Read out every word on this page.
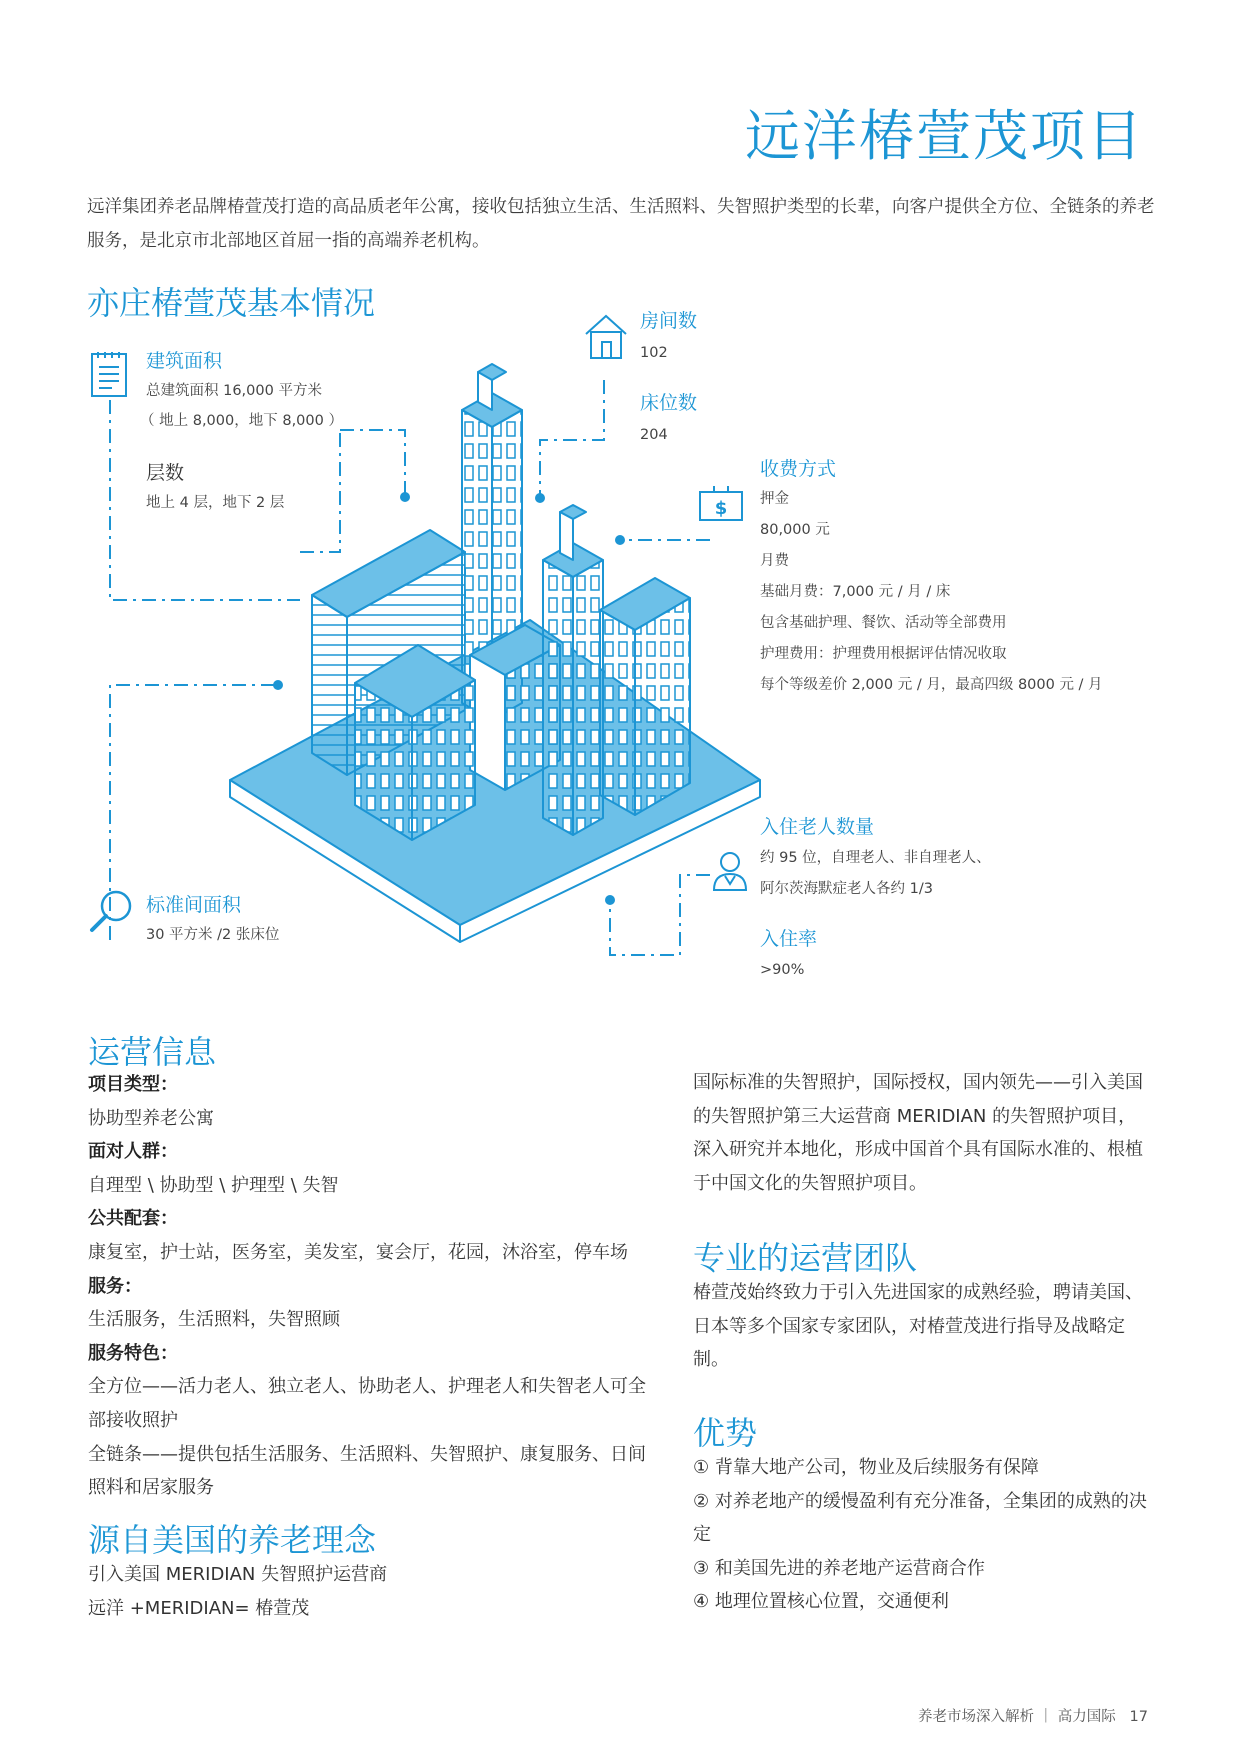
远洋椿萱茂项目
远洋集团养老品牌椿萱茂打造的高品质老年公寓，接收包括独立生活、生活照料、失智照护类型的长辈，向客户提供全方位、全链条的养老服务，是北京市北部地区首屈一指的高端养老机构。
亦庄椿萱茂基本情况
$
建筑面积
总建筑面积 16,000 平方米
（ 地上 8,000，地下 8,000 ）
层数
地上 4 层，地下 2 层
标准间面积
30 平方米 /2 张床位
房间数
102
床位数
204
收费方式
押金
80,000 元
月费
基础月费：7,000 元 / 月 / 床
包含基础护理、餐饮、活动等全部费用
护理费用：护理费用根据评估情况收取
每个等级差价 2,000 元 / 月，最高四级 8000 元 / 月
入住老人数量
约 95 位，自理老人、非自理老人、
阿尔茨海默症老人各约 1/3
入住率
>90%
运营信息
项目类型：
协助型养老公寓
面对人群：
自理型 \ 协助型 \ 护理型 \ 失智
公共配套：
康复室，护士站，医务室，美发室，宴会厅，花园，沐浴室，停车场
服务：
生活服务，生活照料，失智照顾
服务特色：
全方位——活力老人、独立老人、协助老人、护理老人和失智老人可全部接收照护
全链条——提供包括生活服务、生活照料、失智照护、康复服务、日间照料和居家服务
源自美国的养老理念
引入美国 MERIDIAN 失智照护运营商
远洋 +MERIDIAN= 椿萱茂
国际标准的失智照护，国际授权，国内领先——引入美国的失智照护第三大运营商 MERIDIAN 的失智照护项目，深入研究并本地化，形成中国首个具有国际水准的、根植于中国文化的失智照护项目。
专业的运营团队
椿萱茂始终致力于引入先进国家的成熟经验，聘请美国、日本等多个国家专家团队，对椿萱茂进行指导及战略定制。
优势
① 背靠大地产公司，物业及后续服务有保障
② 对养老地产的缓慢盈利有充分准备，全集团的成熟的决定
③ 和美国先进的养老地产运营商合作
④ 地理位置核心位置，交通便利
养老市场深入解析 ｜ 高力国际 17
